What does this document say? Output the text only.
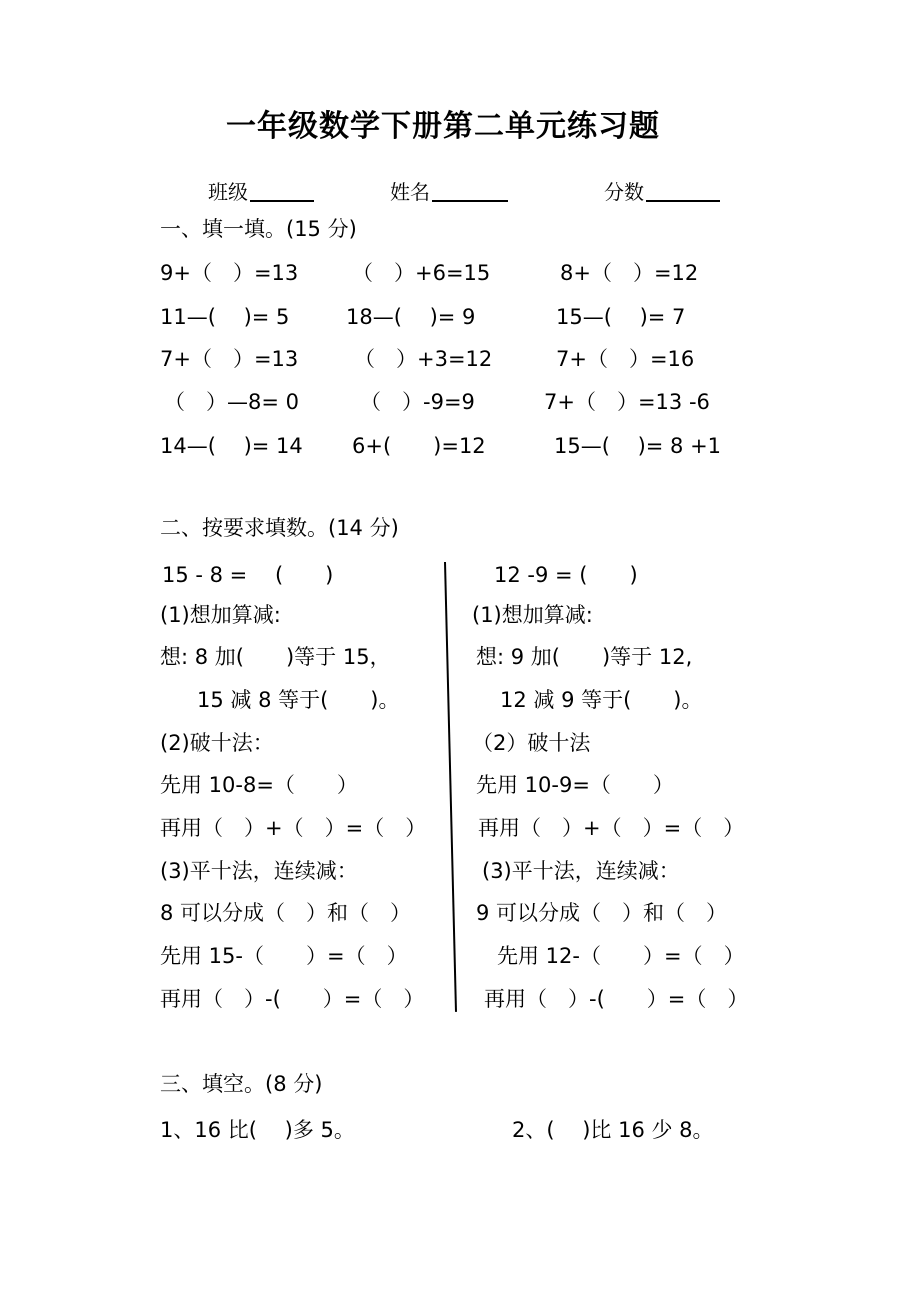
一年级数学下册第二单元练习题
班级	姓名	分数
一、填一填。(15 分)
9+（　）=13	（　）+6=15	8+（　）=12
11—(　 )= 5	18—(　 )= 9	15—(　 )= 7
7+（　）=13	（　）+3=12	7+（　）=16
（　）—8= 0	（　）-9=9	7+（　）=13 -6
14—(　 )= 14 6+(　　)=12	15—(　 )= 8 +1
二、按要求填数。(14 分)
15 - 8 =　 (　　)
(1)想加算减:
想: 8 加(　　)等于 15，
　15 减 8 等于(　　)。
(2)破十法：
先用 10-8=（　　）
再用（　）+（　）=（　）
(3)平十法，连续减：
8 可以分成（　）和（　）
先用 15-（　　）=（　）
再用（　）-(　　）=（　）
12 -9 = (　　)
(1)想加算减:
想: 9 加(　　)等于 12,
12 减 9 等于(　　)。
（2）破十法
先用 10-9=（　　）
再用（　）+（　）=（　）
(3)平十法，连续减：
9 可以分成（　）和（　）
　先用 12-（　　）=（　）
再用（　）-(　　）=（　）
三、填空。(8 分)
1、16 比(　 )多 5。	2、(　 )比 16 少 8。
